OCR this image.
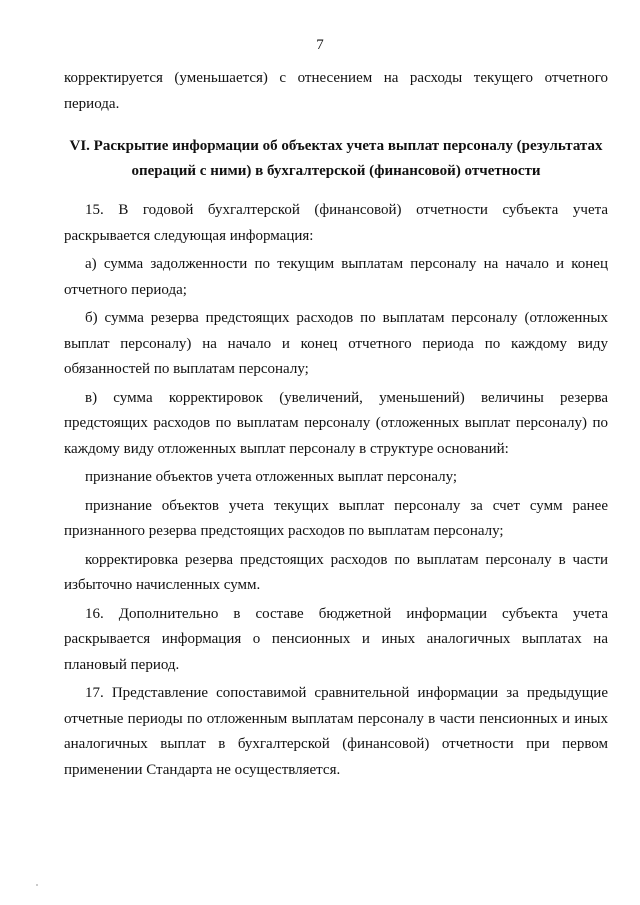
7

корректируется (уменьшается) с отнесением на расходы текущего отчетного периода.

VI. Раскрытие информации об объектах учета выплат персоналу (результатах операций с ними) в бухгалтерской (финансовой) отчетности

15. В годовой бухгалтерской (финансовой) отчетности субъекта учета раскрывается следующая информация:

а) сумма задолженности по текущим выплатам персоналу на начало и конец отчетного периода;

б) сумма резерва предстоящих расходов по выплатам персоналу (отложенных выплат персоналу) на начало и конец отчетного периода по каждому виду обязанностей по выплатам персоналу;

в) сумма корректировок (увеличений, уменьшений) величины резерва предстоящих расходов по выплатам персоналу (отложенных выплат персоналу) по каждому виду отложенных выплат персоналу в структуре оснований:

признание объектов учета отложенных выплат персоналу;

признание объектов учета текущих выплат персоналу за счет сумм ранее признанного резерва предстоящих расходов по выплатам персоналу;

корректировка резерва предстоящих расходов по выплатам персоналу в части избыточно начисленных сумм.

16. Дополнительно в составе бюджетной информации субъекта учета раскрывается информация о пенсионных и иных аналогичных выплатах на плановый период.

17. Представление сопоставимой сравнительной информации за предыдущие отчетные периоды по отложенным выплатам персоналу в части пенсионных и иных аналогичных выплат в бухгалтерской (финансовой) отчетности при первом применении Стандарта не осуществляется.
